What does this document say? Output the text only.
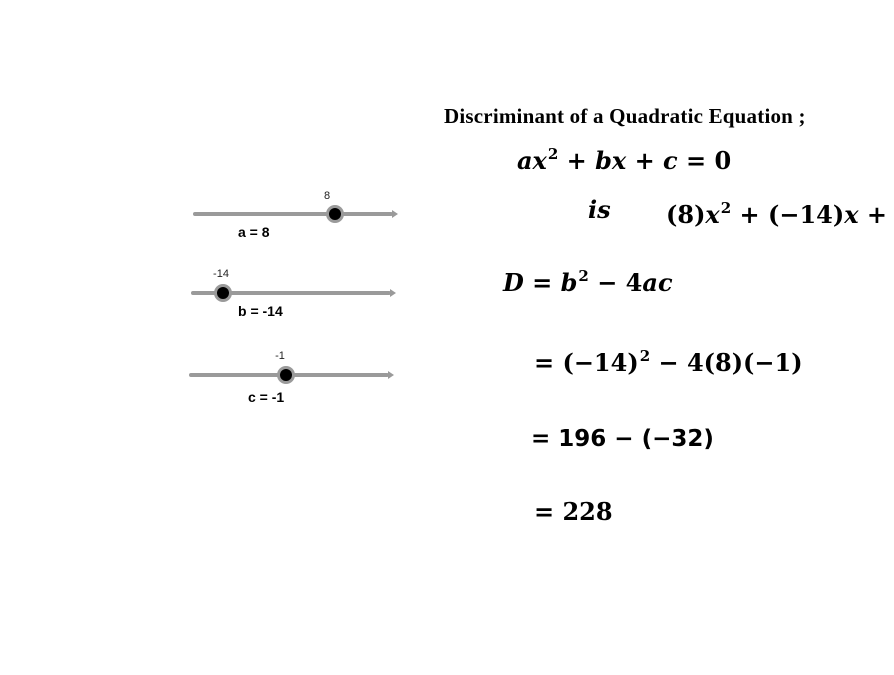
8
a = 8
-14
b = -14
-1
c = -1
Discriminant of a Quadratic Equation ;
$ax^2$ + bx + c = 0
is $(8)x^2 + (-14)x$ +
$D = b^2 - 4ac$
= $(-14)^2 - 4(8)(-1)$
= 196 − (−32)
= 228
